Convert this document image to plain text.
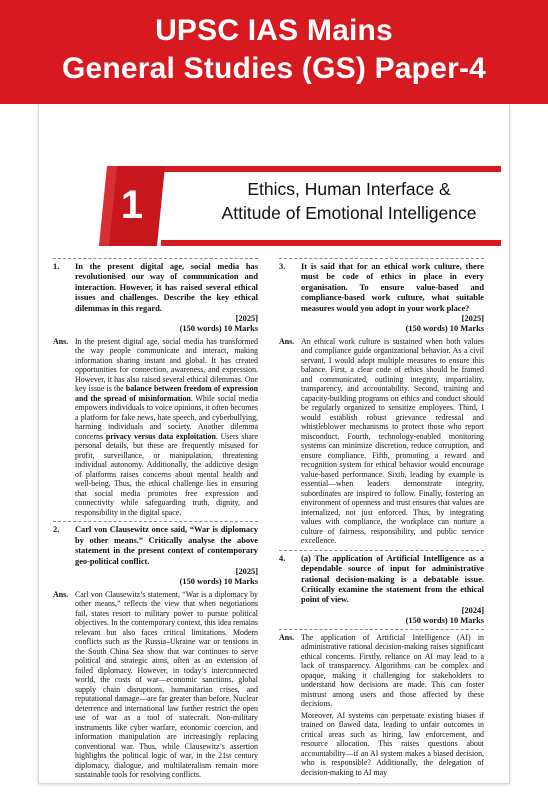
UPSC IAS Mains
General Studies (GS) Paper-4
1	Ethics, Human Interface &
Attitude of Emotional Intelligence
1.	In the present digital age, social media has revolutionised our way of communication and interaction. However, it has raised several ethical issues and challenges. Describe the key ethical dilemmas in this regard.
[2025]
(150 words) 10 Marks
Ans. In the present digital age, social media has transformed the way people communicate and interact, making information sharing instant and global. It has created opportunities for connection, awareness, and expression. However, it has also raised several ethical dilemmas. One key issue is the balance between freedom of expression and the spread of misinformation. While social media empowers individuals to voice opinions, it often becomes a platform for fake news, hate speech, and cyberbullying, harming individuals and society. Another dilemma concerns privacy versus data exploitation. Users share personal details, but these are frequently misused for profit, surveillance, or manipulation, threatening individual autonomy. Additionally, the addictive design of platforms raises concerns about mental health and well-being. Thus, the ethical challenge lies in ensuring that social media promotes free expression and connectivity while safeguarding truth, dignity, and responsibility in the digital space.

2.	Carl von Clausewitz once said, “War is diplomacy by other means.” Critically analyse the above statement in the present context of contemporary geo-political conflict.
[2025]
(150 words) 10 Marks
Ans. Carl von Clausewitz’s statement, “War is a diplomacy by other means,” reflects the view that when negotiations fail, states resort to military power to pursue political objectives. In the contemporary context, this idea remains relevant but also faces critical limitations. Modern conflicts such as the Russia–Ukraine war or tensions in the South China Sea show that war continues to serve political and strategic aims, often as an extension of failed diplomacy. However, in today’s interconnected world, the costs of war—economic sanctions, global supply chain disruptions, humanitarian crises, and reputational damage—are far greater than before. Nuclear deterrence and international law further restrict the open use of war as a tool of statecraft. Non-military instruments like cyber warfare, economic coercion, and information manipulation are increasingly replacing conventional war. Thus, while Clausewitz’s assertion highlights the political logic of war, in the 21st century diplomacy, dialogue, and multilateralism remain more sustainable tools for resolving conflicts.

3.	It is said that for an ethical work culture, there must be code of ethics in place in every organisation. To ensure value-based and compliance-based work culture, what suitable measures would you adopt in your work place?
[2025]
(150 words) 10 Marks
Ans. An ethical work culture is sustained when both values and compliance guide organizational behavior. As a civil servant, I would adopt multiple measures to ensure this balance. First, a clear code of ethics should be framed and communicated, outlining integrity, impartiality, transparency, and accountability. Second, training and capacity-building programs on ethics and conduct should be regularly organized to sensitize employees. Third, I would establish robust grievance redressal and whistleblower mechanisms to protect those who report misconduct. Fourth, technology-enabled monitoring systems can minimize discretion, reduce corruption, and ensure compliance. Fifth, promoting a reward and recognition system for ethical behavior would encourage value-based performance. Sixth, leading by example is essential—when leaders demonstrate integrity, subordinates are inspired to follow. Finally, fostering an environment of openness and trust ensures that values are internalized, not just enforced. Thus, by integrating values with compliance, the workplace can nurture a culture of fairness, responsibility, and public service excellence.

4.	(a) The application of Artificial Intelligence as a dependable source of input for administrative rational decision-making is a debatable issue. Critically examine the statement from the ethical point of view.
[2024]
(150 words) 10 Marks
Ans. The application of Artificial Intelligence (AI) in administrative rational decision-making raises significant ethical concerns. Firstly, reliance on AI may lead to a lack of transparency. Algorithms can be complex and opaque, making it challenging for stakeholders to understand how decisions are made. This can foster mistrust among users and those affected by these decisions.

Moreover, AI systems can perpetuate existing biases if trained on flawed data, leading to unfair outcomes in critical areas such as hiring, law enforcement, and resource allocation. This raises questions about accountability—if an AI system makes a biased decision, who is responsible? Additionally, the delegation of decision-making to AI may
